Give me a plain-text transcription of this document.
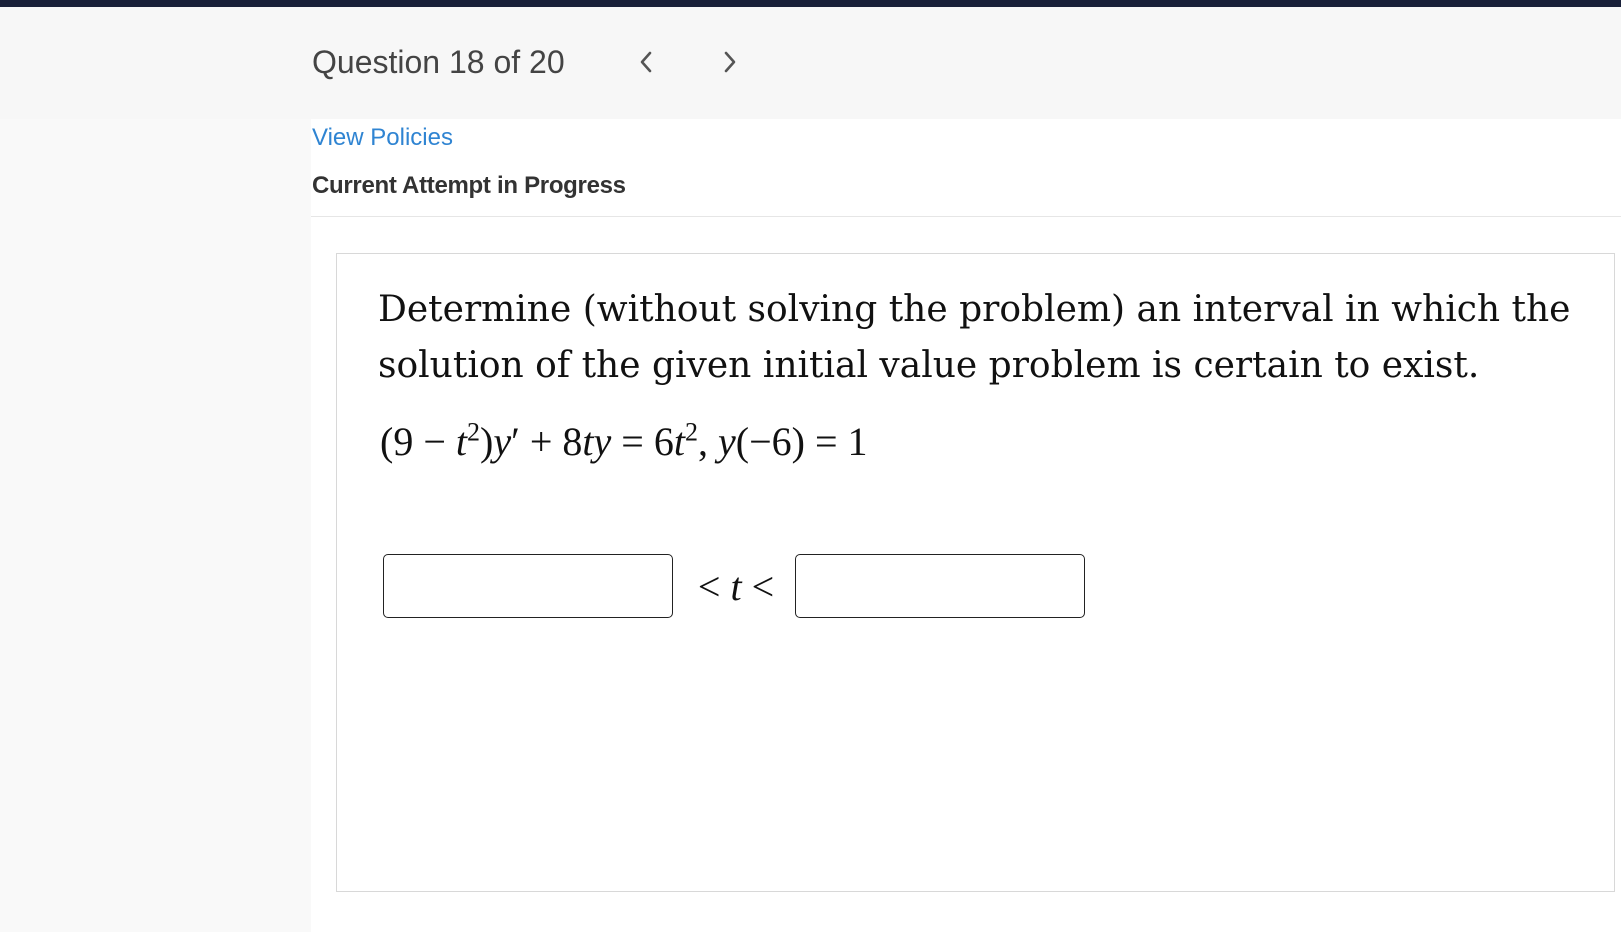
Question 18 of 20
View Policies
Current Attempt in Progress
Determine (without solving the problem) an interval in which the solution of the given initial value problem is certain to exist.
$(9 - t^2)y' + 8ty = 6t^2$, y(−6) = 1
<
t
<
